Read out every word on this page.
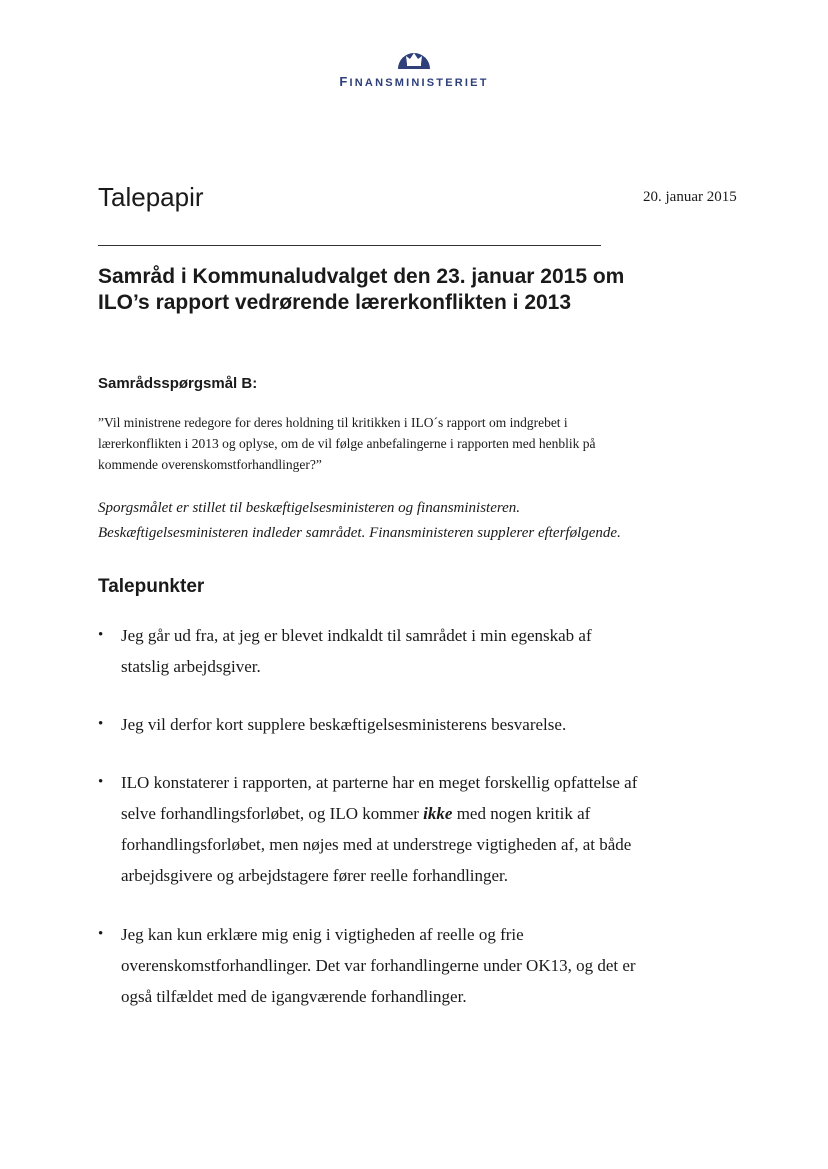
FINANSMINISTERIET
Talepapir	20. januar 2015
Samråd i Kommunaludvalget den 23. januar 2015 om ILO’s rapport vedrørende lærerkonflikten i 2013
Samrådsspørgsmål B:

”Vil ministrene redegore for deres holdning til kritikken i ILO´s rapport om indgrebet i lærerkonflikten i 2013 og oplyse, om de vil følge anbefalingerne i rapporten med henblik på kommende overenskomstforhandlinger?”

Sporgsmålet er stillet til beskæftigelsesministeren og finansministeren. Beskæftigelsesministeren indleder samrådet. Finansministeren supplerer efterfølgende.

Talepunkter
• Jeg går ud fra, at jeg er blevet indkaldt til samrådet i min egenskab af statslig arbejdsgiver.
• Jeg vil derfor kort supplere beskæftigelsesministerens besvarelse.
• ILO konstaterer i rapporten, at parterne har en meget forskellig opfattelse af selve forhandlingsforløbet, og ILO kommer ikke med nogen kritik af forhandlingsforløbet, men nøjes med at understrege vigtigheden af, at både arbejdsgivere og arbejdstagere fører reelle forhandlinger.
• Jeg kan kun erklære mig enig i vigtigheden af reelle og frie overenskomstforhandlinger. Det var forhandlingerne under OK13, og det er også tilfældet med de igangværende forhandlinger.
